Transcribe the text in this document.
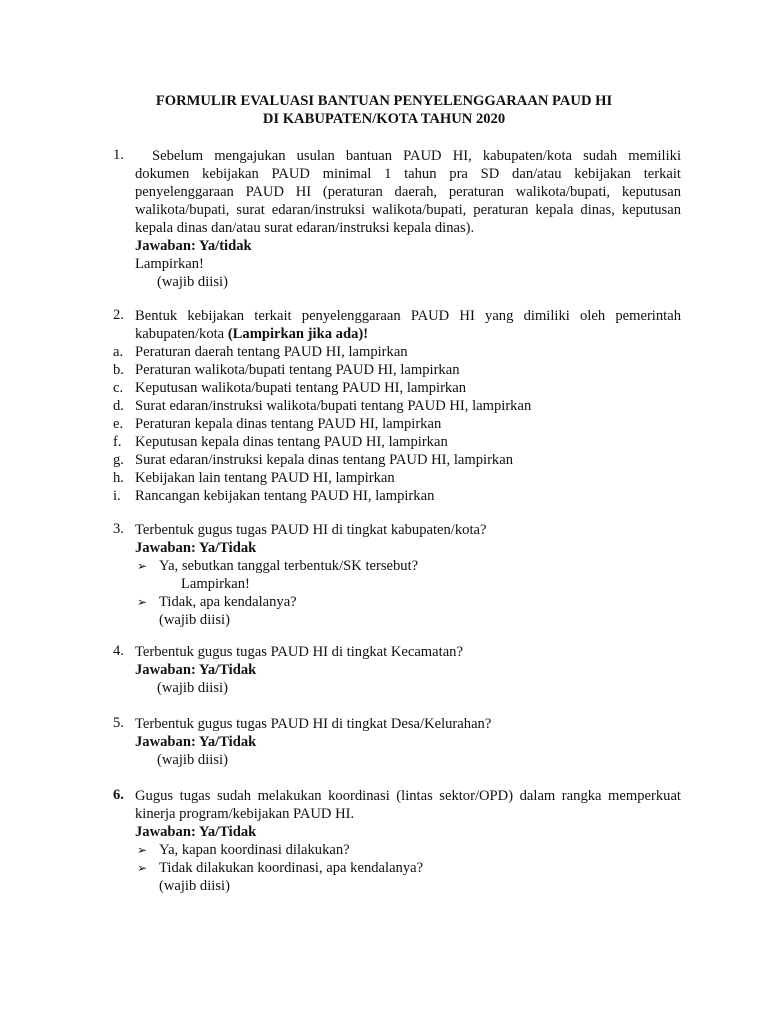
FORMULIR EVALUASI BANTUAN PENYELENGGARAAN PAUD HI
DI KABUPATEN/KOTA TAHUN 2020
1.	Sebelum mengajukan usulan bantuan PAUD HI, kabupaten/kota sudah memiliki
dokumen kebijakan PAUD minimal 1 tahun pra SD dan/atau kebijakan terkait
penyelenggaraan PAUD HI (peraturan daerah, peraturan walikota/bupati, keputusan
walikota/bupati, surat edaran/instruksi walikota/bupati, peraturan kepala dinas, keputusan
kepala dinas dan/atau surat edaran/instruksi kepala dinas).
Jawaban: Ya/tidak
Lampirkan!
(wajib diisi)
2. Bentuk kebijakan terkait penyelenggaraan PAUD HI yang dimiliki oleh pemerintah
kabupaten/kota (Lampirkan jika ada)!
a. Peraturan daerah tentang PAUD HI, lampirkan
b. Peraturan walikota/bupati tentang PAUD HI, lampirkan
c. Keputusan walikota/bupati tentang PAUD HI, lampirkan
d. Surat edaran/instruksi walikota/bupati tentang PAUD HI, lampirkan
e. Peraturan kepala dinas tentang PAUD HI, lampirkan
f. Keputusan kepala dinas tentang PAUD HI, lampirkan
g. Surat edaran/instruksi kepala dinas tentang PAUD HI, lampirkan
h. Kebijakan lain tentang PAUD HI, lampirkan
i. Rancangan kebijakan tentang PAUD HI, lampirkan
3. Terbentuk gugus tugas PAUD HI di tingkat kabupaten/kota?
Jawaban: Ya/Tidak
➢ Ya, sebutkan tanggal terbentuk/SK tersebut?
Lampirkan!
➢ Tidak, apa kendalanya?
(wajib diisi)
4. Terbentuk gugus tugas PAUD HI di tingkat Kecamatan?
Jawaban: Ya/Tidak
(wajib diisi)
5. Terbentuk gugus tugas PAUD HI di tingkat Desa/Kelurahan?
Jawaban: Ya/Tidak
(wajib diisi)
6. Gugus tugas sudah melakukan koordinasi (lintas sektor/OPD) dalam rangka memperkuat
kinerja program/kebijakan PAUD HI.
Jawaban: Ya/Tidak
➢ Ya, kapan koordinasi dilakukan?
➢ Tidak dilakukan koordinasi, apa kendalanya?
(wajib diisi)
